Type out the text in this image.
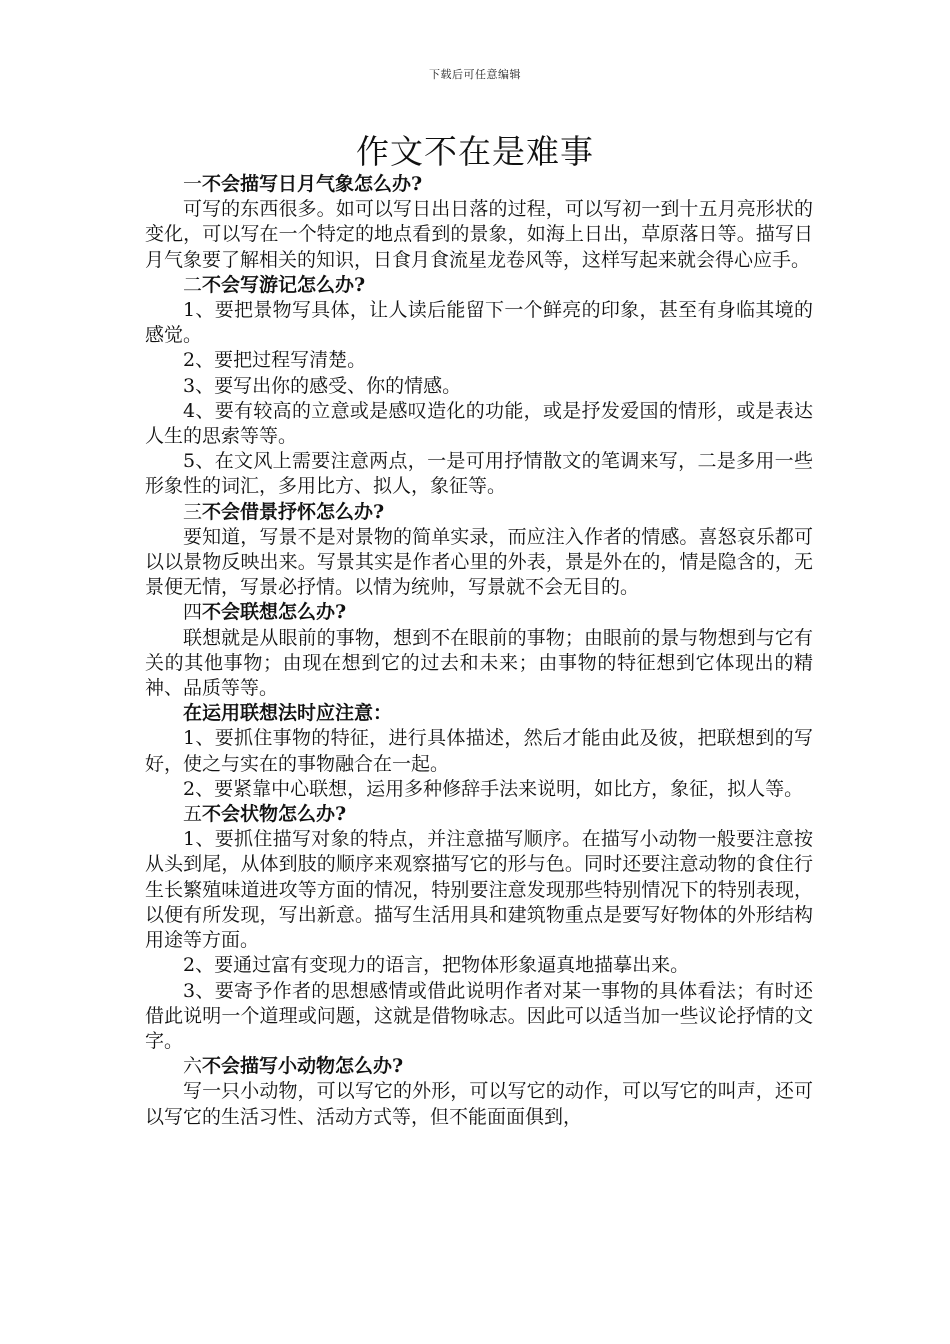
下载后可任意编辑
作文不在是难事

一不会描写日月气象怎么办?

可写的东西很多。如可以写日出日落的过程，可以写初一到十五月亮形状的变化，可以写在一个特定的地点看到的景象，如海上日出，草原落日等。描写日月气象要了解相关的知识，日食月食流星龙卷风等，这样写起来就会得心应手。

二不会写游记怎么办?

1、要把景物写具体，让人读后能留下一个鲜亮的印象，甚至有身临其境的感觉。

2、要把过程写清楚。

3、要写出你的感受、你的情感。

4、要有较高的立意或是感叹造化的功能，或是抒发爱国的情形，或是表达人生的思索等等。

5、在文风上需要注意两点，一是可用抒情散文的笔调来写，二是多用一些形象性的词汇，多用比方、拟人，象征等。

三不会借景抒怀怎么办?

要知道，写景不是对景物的简单实录，而应注入作者的情感。喜怒哀乐都可以以景物反映出来。写景其实是作者心里的外表，景是外在的，情是隐含的，无景便无情，写景必抒情。以情为统帅，写景就不会无目的。

四不会联想怎么办?

联想就是从眼前的事物，想到不在眼前的事物；由眼前的景与物想到与它有关的其他事物；由现在想到它的过去和未来；由事物的特征想到它体现出的精神、品质等等。

在运用联想法时应注意：

1、要抓住事物的特征，进行具体描述，然后才能由此及彼，把联想到的写好，使之与实在的事物融合在一起。

2、要紧靠中心联想，运用多种修辞手法来说明，如比方，象征，拟人等。

五不会状物怎么办?

1、要抓住描写对象的特点，并注意描写顺序。在描写小动物一般要注意按从头到尾，从体到肢的顺序来观察描写它的形与色。同时还要注意动物的食住行生长繁殖味道进攻等方面的情况，特别要注意发现那些特别情况下的特别表现，以便有所发现，写出新意。描写生活用具和建筑物重点是要写好物体的外形结构用途等方面。

2、要通过富有变现力的语言，把物体形象逼真地描摹出来。

3、要寄予作者的思想感情或借此说明作者对某一事物的具体看法；有时还借此说明一个道理或问题，这就是借物咏志。因此可以适当加一些议论抒情的文字。

六不会描写小动物怎么办?

写一只小动物，可以写它的外形，可以写它的动作，可以写它的叫声，还可以写它的生活习性、活动方式等，但不能面面俱到，
